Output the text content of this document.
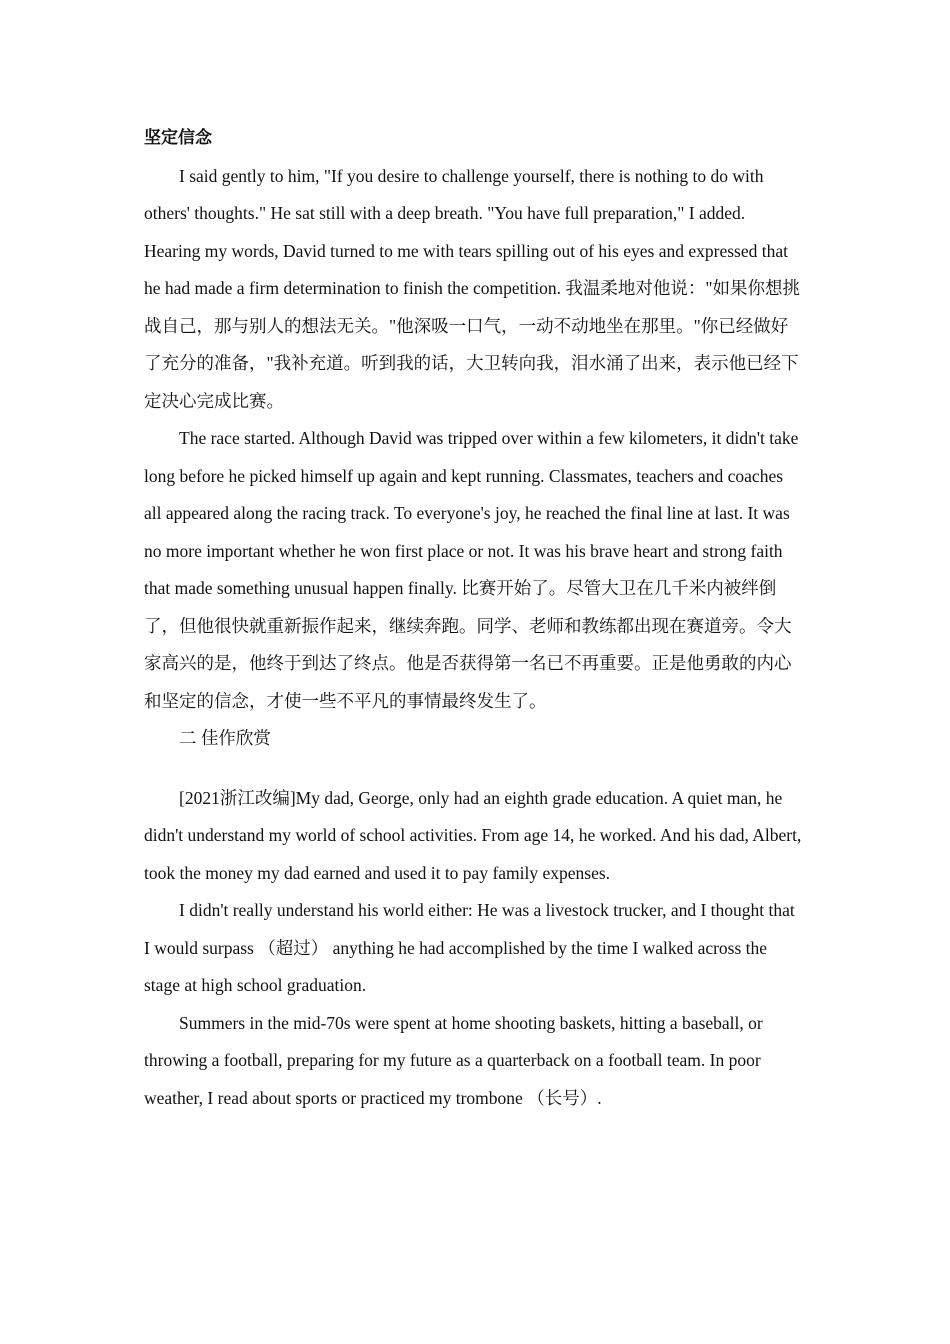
坚定信念

I said gently to him, "If you desire to challenge yourself, there is nothing to do with others' thoughts." He sat still with a deep breath. "You have full preparation," I added. Hearing my words, David turned to me with tears spilling out of his eyes and expressed that he had made a firm determination to finish the competition. 我温柔地对他说："如果你想挑战自己，那与别人的想法无关。"他深吸一口气，一动不动地坐在那里。"你已经做好了充分的准备，"我补充道。听到我的话，大卫转向我，泪水涌了出来，表示他已经下定决心完成比赛。

The race started. Although David was tripped over within a few kilometers, it didn't take long before he picked himself up again and kept running. Classmates, teachers and coaches all appeared along the racing track. To everyone's joy, he reached the final line at last. It was no more important whether he won first place or not. It was his brave heart and strong faith that made something unusual happen finally. 比赛开始了。尽管大卫在几千米内被绊倒了，但他很快就重新振作起来，继续奔跑。同学、老师和教练都出现在赛道旁。令大家高兴的是，他终于到达了终点。他是否获得第一名已不再重要。正是他勇敢的内心和坚定的信念，才使一些不平凡的事情最终发生了。

二 佳作欣赏

[2021浙江改编]My dad, George, only had an eighth grade education. A quiet man, he didn't understand my world of school activities. From age 14, he worked. And his dad, Albert, took the money my dad earned and used it to pay family expenses.

I didn't really understand his world either: He was a livestock trucker, and I thought that I would surpass （超过） anything he had accomplished by the time I walked across the stage at high school graduation.

Summers in the mid-70s were spent at home shooting baskets, hitting a baseball, or throwing a football, preparing for my future as a quarterback on a football team. In poor weather, I read about sports or practiced my trombone （长号）.
